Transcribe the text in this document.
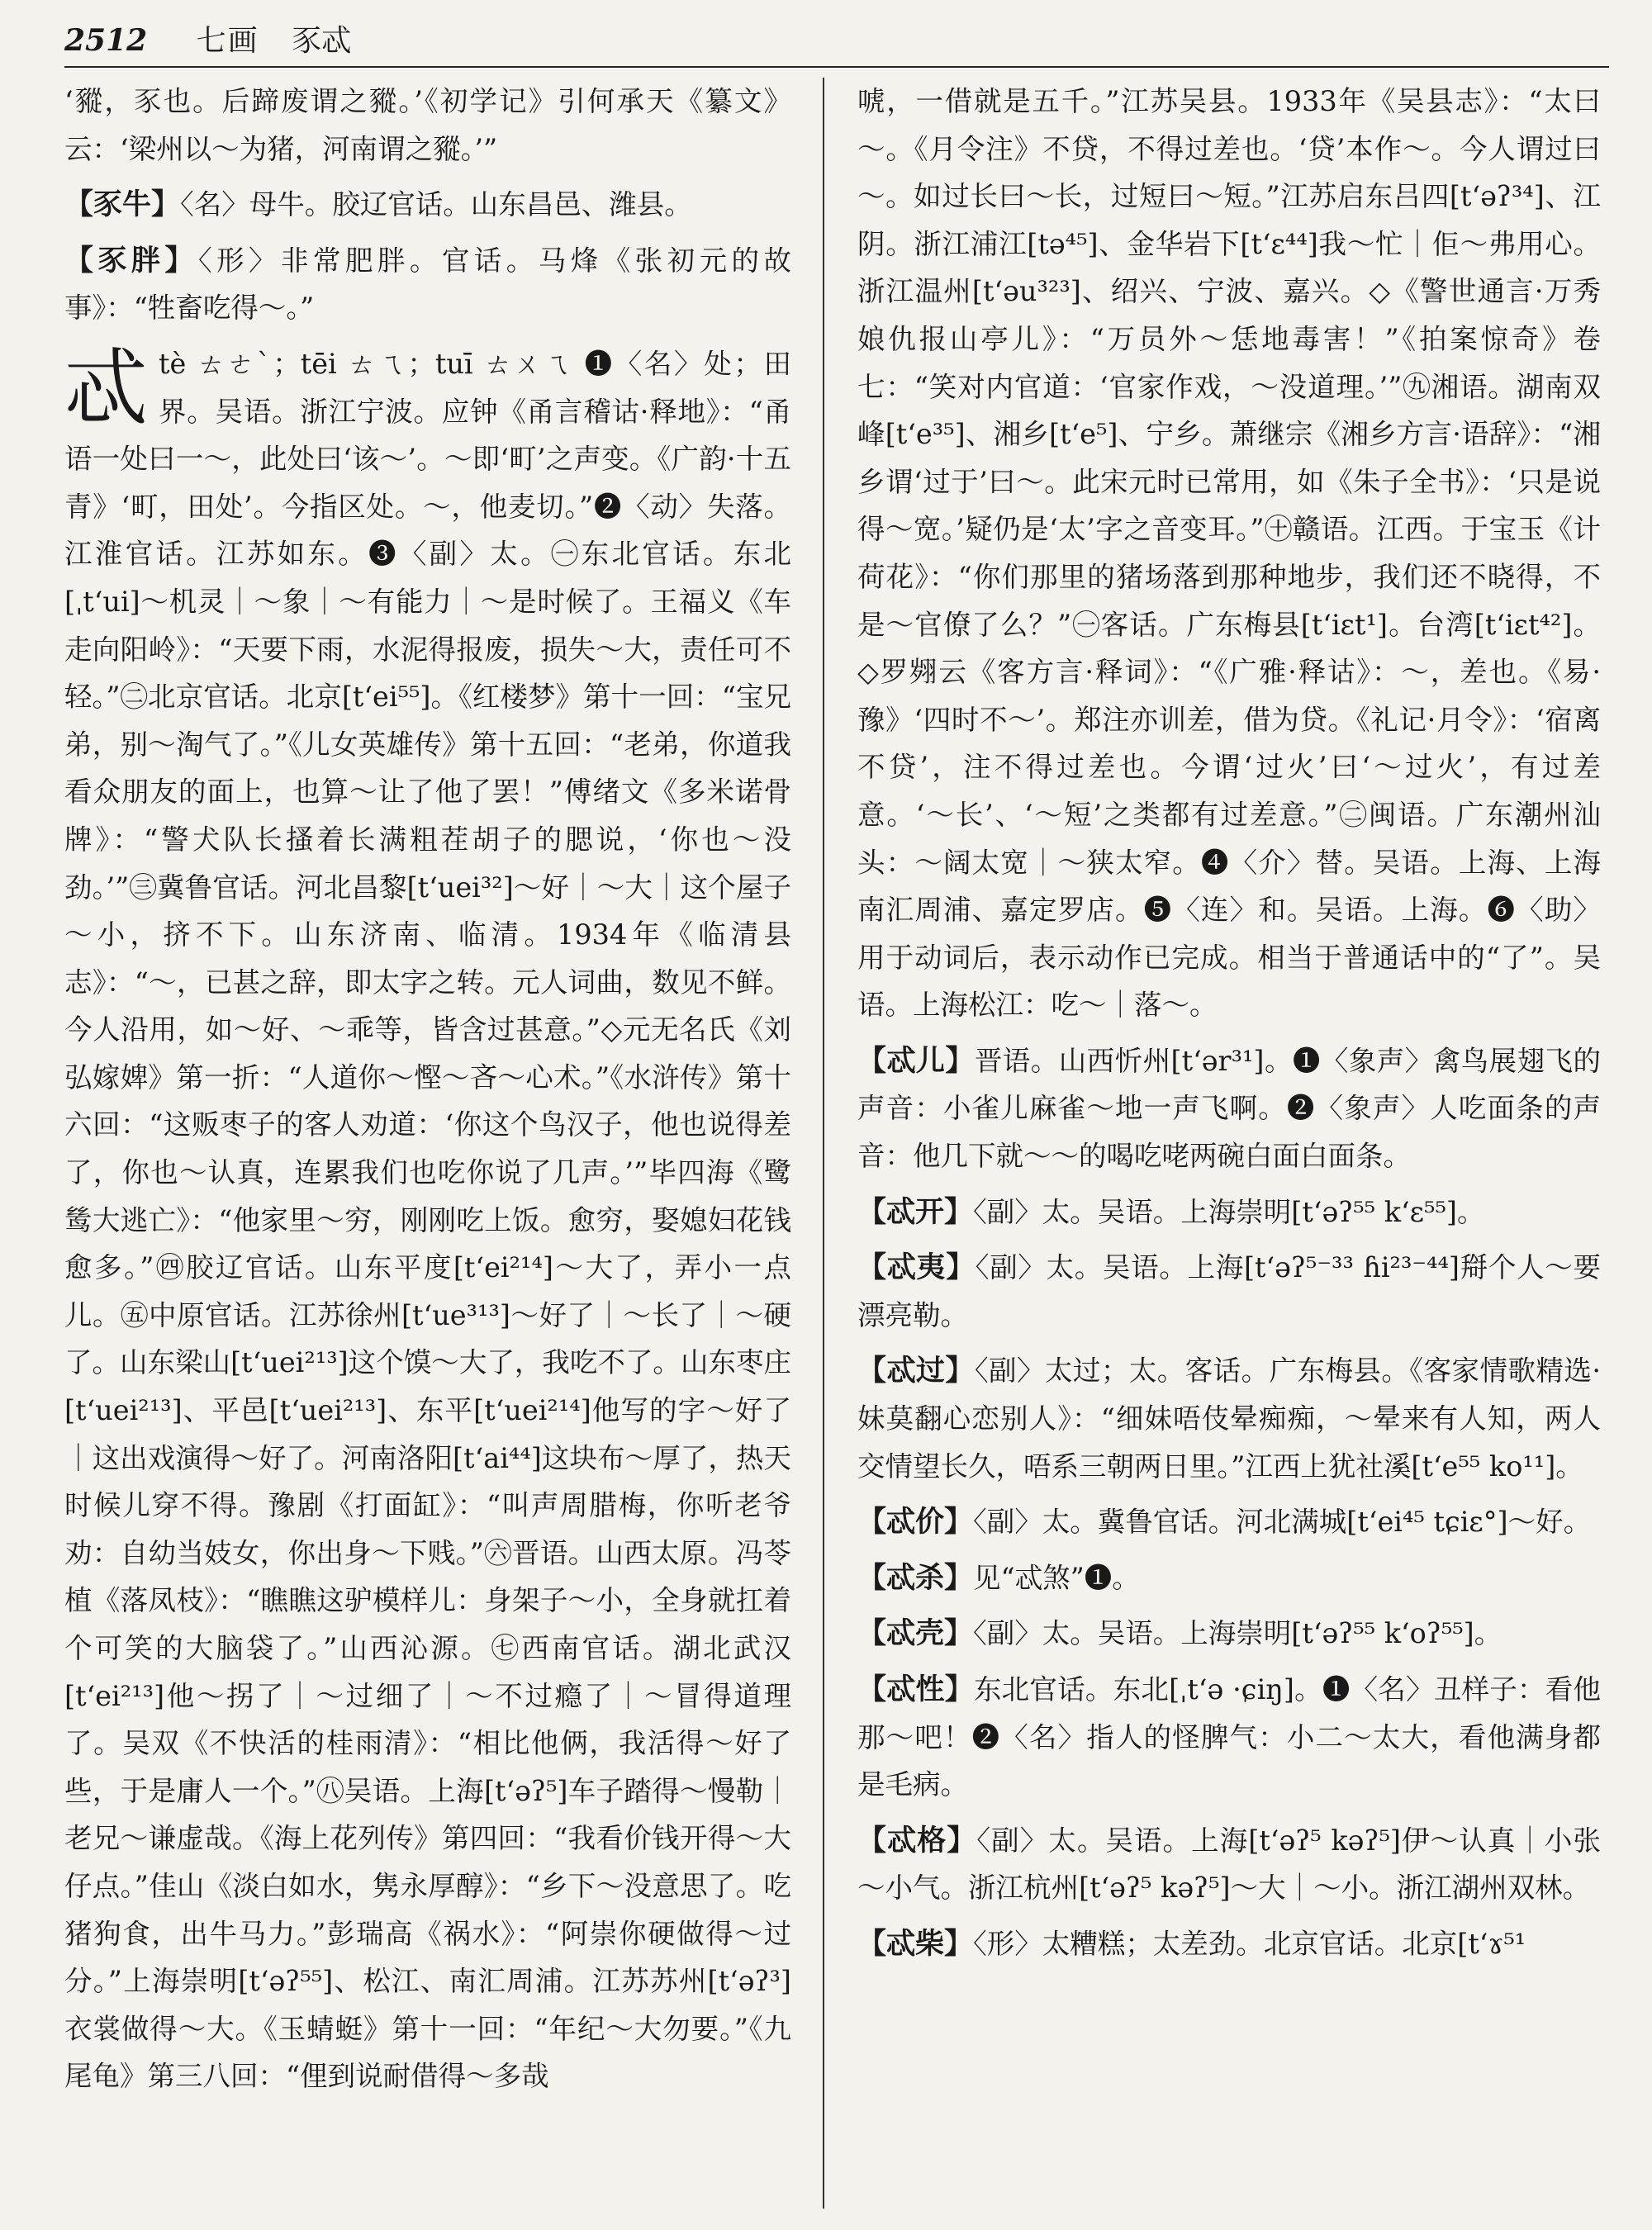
2512 七画 豕忒

‘豵，豕也。后蹄废谓之豵。’《初学记》引何承天《纂文》云：‘梁州以～为猪，河南谓之豵。’”

【豕牛】〈名〉母牛。胶辽官话。山东昌邑、潍县。

【豕胖】〈形〉非常肥胖。官话。马烽《张初元的故事》：“牲畜吃得～。”

忒tè ㄊㄜˋ；tēi ㄊㄟ；tuī ㄊㄨㄟ ❶〈名〉处；田界。吴语。浙江宁波。应钟《甬言稽诂·释地》：“甬语一处曰一～，此处曰‘该～’。～即‘町’之声变。《广韵·十五青》‘町，田处’。今指区处。～，他麦切。”❷〈动〉失落。江淮官话。江苏如东。❸〈副〉太。㊀东北官话。东北[ˌtʻui]～机灵｜～象｜～有能力｜～是时候了。王福义《车走向阳岭》：“天要下雨，水泥得报废，损失～大，责任可不轻。”㊁北京官话。北京[tʻei⁵⁵]。《红楼梦》第十一回：“宝兄弟，别～淘气了。”《儿女英雄传》第十五回：“老弟，你道我看众朋友的面上，也算～让了他了罢！”傅绪文《多米诺骨牌》：“警犬队长搔着长满粗茬胡子的腮说，‘你也～没劲。’”㊂冀鲁官话。河北昌黎[tʻuei³²]～好｜～大｜这个屋子～小，挤不下。山东济南、临清。1934年《临清县志》：“～，已甚之辞，即太字之转。元人词曲，数见不鲜。今人沿用，如～好、～乖等，皆含过甚意。”◇元无名氏《刘弘嫁婢》第一折：“人道你～慳～吝～心术。”《水浒传》第十六回：“这贩枣子的客人劝道：‘你这个鸟汉子，他也说得差了，你也～认真，连累我们也吃你说了几声。’”毕四海《鹭鸶大逃亡》：“他家里～穷，刚刚吃上饭。愈穷，娶媳妇花钱愈多。”㊃胶辽官话。山东平度[tʻei²¹⁴]～大了，弄小一点儿。㊄中原官话。江苏徐州[tʻue³¹³]～好了｜～长了｜～硬了。山东梁山[tʻuei²¹³]这个馍～大了，我吃不了。山东枣庄[tʻuei²¹³]、平邑[tʻuei²¹³]、东平[tʻuei²¹⁴]他写的字～好了｜这出戏演得～好了。河南洛阳[tʻai⁴⁴]这块布～厚了，热天时候儿穿不得。豫剧《打面缸》：“叫声周腊梅，你听老爷劝：自幼当妓女，你出身～下贱。”㊅晋语。山西太原。冯苓植《落凤枝》：“瞧瞧这驴模样儿：身架子～小，全身就扛着个可笑的大脑袋了。”山西沁源。㊆西南官话。湖北武汉[tʻei²¹³]他～拐了｜～过细了｜～不过瘾了｜～冒得道理了。吴双《不快活的桂雨清》：“相比他俩，我活得～好了些，于是庸人一个。”㊇吴语。上海[tʻəʔ⁵]车子踏得～慢勒｜老兄～谦虚哉。《海上花列传》第四回：“我看价钱开得～大仔点。”佳山《淡白如水，隽永厚醇》：“乡下～没意思了。吃猪狗食，出牛马力。”彭瑞高《祸水》：“阿崇你硬做得～过分。”上海崇明[tʻəʔ⁵⁵]、松江、南汇周浦。江苏苏州[tʻəʔ³]衣裳做得～大。《玉蜻蜓》第十一回：“年纪～大勿要。”《九尾龟》第三八回：“俚到说耐借得～多哉

唬，一借就是五千。”江苏吴县。1933年《吴县志》：“太曰～。《月令注》不贷，不得过差也。‘贷’本作～。今人谓过曰～。如过长曰～长，过短曰～短。”江苏启东吕四[tʻəʔ³⁴]、江阴。浙江浦江[tə⁴⁵]、金华岩下[tʻɛ⁴⁴]我～忙｜佢～弗用心。浙江温州[tʻəu³²³]、绍兴、宁波、嘉兴。◇《警世通言·万秀娘仇报山亭儿》：“万员外～恁地毒害！”《拍案惊奇》卷七：“笑对内官道：‘官家作戏，～没道理。’”㊈湘语。湖南双峰[tʻe³⁵]、湘乡[tʻe⁵]、宁乡。萧继宗《湘乡方言·语辞》：“湘乡谓‘过于’曰～。此宋元时已常用，如《朱子全书》：‘只是说得～宽。’疑仍是‘太’字之音变耳。”㊉赣语。江西。于宝玉《计荷花》：“你们那里的猪场落到那种地步，我们还不晓得，不是～官僚了么？”㊀客话。广东梅县[tʻiɛt¹]。台湾[tʻiɛt⁴²]。◇罗翙云《客方言·释词》：“《广雅·释诂》：～，差也。《易·豫》‘四时不～’。郑注亦训差，借为贷。《礼记·月令》：‘宿离不贷’，注不得过差也。今谓‘过火’曰‘～过火’，有过差意。‘～长’、‘～短’之类都有过差意。”㊁闽语。广东潮州汕头：～阔太宽｜～狭太窄。❹〈介〉替。吴语。上海、上海南汇周浦、嘉定罗店。❺〈连〉和。吴语。上海。❻〈助〉用于动词后，表示动作已完成。相当于普通话中的“了”。吴语。上海松江：吃～｜落～。

【忒儿】晋语。山西忻州[tʻər³¹]。❶〈象声〉禽鸟展翅飞的声音：小雀儿麻雀～地一声飞啊。❷〈象声〉人吃面条的声音：他几下就～～的喝吃咾两碗白面白面条。

【忒开】〈副〉太。吴语。上海崇明[tʻəʔ⁵⁵ kʻɛ⁵⁵]。

【忒夷】〈副〉太。吴语。上海[tʻəʔ⁵⁻³³ ɦi²³⁻⁴⁴]搿个人～要漂亮勒。

【忒过】〈副〉太过；太。客话。广东梅县。《客家情歌精选·妹莫翻心恋别人》：“细妹唔伎晕痴痴，～晕来有人知，两人交情望长久，唔系三朝两日里。”江西上犹社溪[tʻe⁵⁵ ko¹¹]。

【忒价】〈副〉太。冀鲁官话。河北满城[tʻei⁴⁵ tɕiɛ°]～好。

【忒杀】见“忒煞”❶。

【忒壳】〈副〉太。吴语。上海崇明[tʻəʔ⁵⁵ kʻoʔ⁵⁵]。

【忒性】东北官话。东北[ˌtʻə ·ɕiŋ]。❶〈名〉丑样子：看他那～吧！❷〈名〉指人的怪脾气：小二～太大，看他满身都是毛病。

【忒格】〈副〉太。吴语。上海[tʻəʔ⁵ kəʔ⁵]伊～认真｜小张～小气。浙江杭州[tʻəʔ⁵ kəʔ⁵]～大｜～小。浙江湖州双林。

【忒柴】〈形〉太糟糕；太差劲。北京官话。北京[tʻɤ⁵¹
